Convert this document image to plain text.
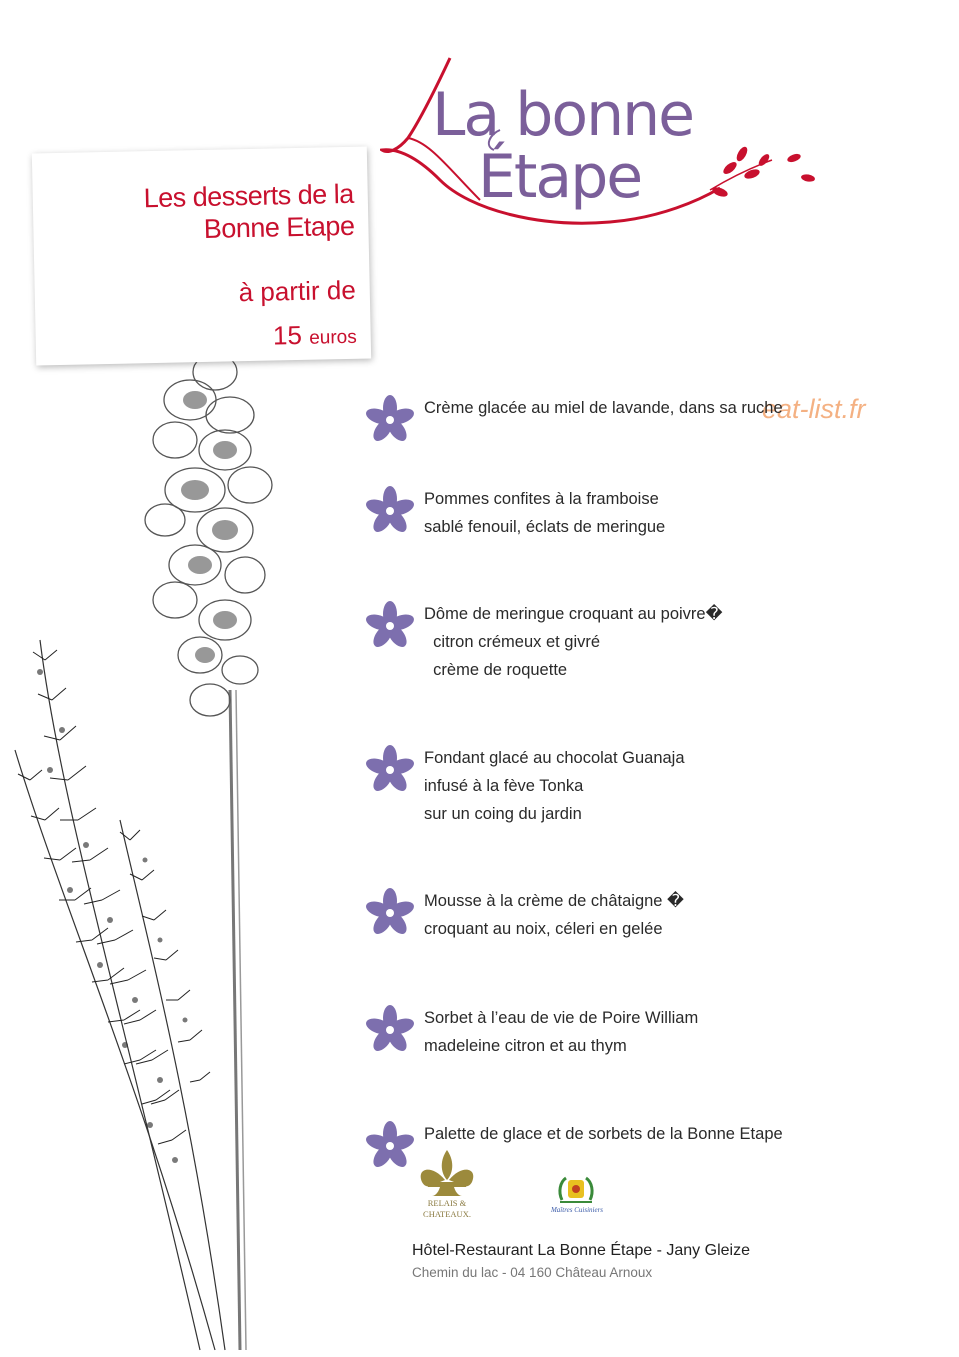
Les desserts de la

Bonne Etape

à partir de

15 euros

La bonne
Étape
eat-list.fr
Crème glacée au miel de lavande, dans sa ruche
Pommes confites à la framboise
sablé fenouil, éclats de meringue
Dôme de meringue croquant au poivre�
citron crémeux et givré
crème de roquette
Fondant glacé au chocolat Guanaja
infusé à la fève Tonka
sur un coing du jardin
Mousse à la crème de châtaigne �
croquant au noix, céleri en gelée
Sorbet à l’eau de vie de Poire William
madeleine citron et au thym
Palette de glace et de sorbets de la Bonne Etape
RELAIS &
CHATEAUX.	Maîtres Cuisiniers
Hôtel-Restaurant La Bonne Étape - Jany Gleize
Chemin du lac - 04 160 Château Arnoux
